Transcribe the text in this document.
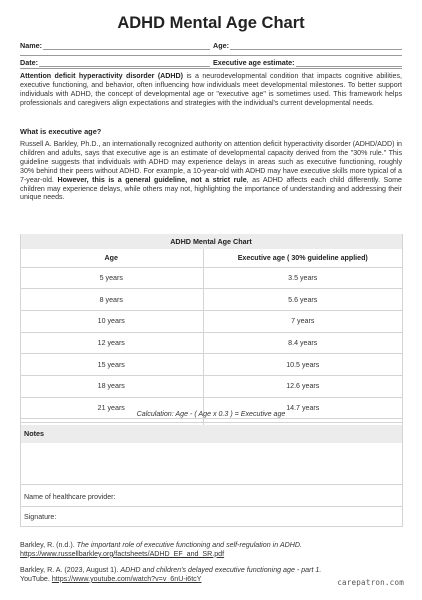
ADHD Mental Age Chart
Name:	Age:
Date:	Executive age estimate:
Attention deficit hyperactivity disorder (ADHD) is a neurodevelopmental condition that impacts cognitive abilities, executive functioning, and behavior, often influencing how individuals meet developmental milestones. To better support individuals with ADHD, the concept of developmental age or "executive age" is sometimes used. This framework helps professionals and caregivers align expectations and strategies with the individual's current developmental needs.
What is executive age?
Russell A. Barkley, Ph.D., an internationally recognized authority on attention deficit hyperactivity disorder (ADHD/ADD) in children and adults, says that executive age is an estimate of developmental capacity derived from the "30% rule." This guideline suggests that individuals with ADHD may experience delays in areas such as executive functioning, roughly 30% behind their peers without ADHD. For example, a 10-year-old with ADHD may have executive skills more typical of a 7-year-old. However, this is a general guideline, not a strict rule, as ADHD affects each child differently. Some children may experience delays, while others may not, highlighting the importance of understanding and addressing their unique needs.
ADHD Mental Age Chart
Age	Executive age ( 30% guideline applied)
5 years	3.5 years
8 years	5.6 years
10 years	7 years
12 years	8.4 years
15 years	10.5 years
18 years	12.6 years
21 years	14.7 years

Calculation: Age - ( Age x 0.3 ) = Executive age
Notes
Name of healthcare provider:
Signature:
Barkley, R. (n.d.). The important role of executive functioning and self-regulation in ADHD.
https://www.russellbarkley.org/factsheets/ADHD_EF_and_SR.pdf
Barkley, R. A. (2023, August 1). ADHD and children's delayed executive functioning age - part 1.
YouTube. https://www.youtube.com/watch?v=v_6nU-i6tcY	carepatron.com
